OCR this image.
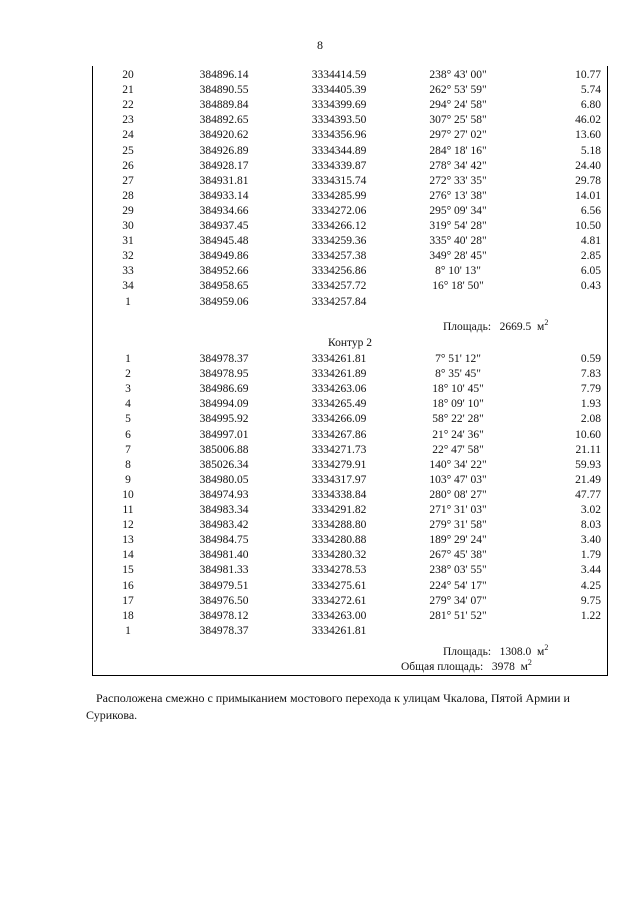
8
20	384896.14	3334414.59	238° 43' 00"	10.77
21	384890.55	3334405.39	262° 53' 59"	5.74
22	384889.84	3334399.69	294° 24' 58"	6.80
23	384892.65	3334393.50	307° 25' 58"	46.02
24	384920.62	3334356.96	297° 27' 02"	13.60
25	384926.89	3334344.89	284° 18' 16"	5.18
26	384928.17	3334339.87	278° 34' 42"	24.40
27	384931.81	3334315.74	272° 33' 35"	29.78
28	384933.14	3334285.99	276° 13' 38"	14.01
29	384934.66	3334272.06	295° 09' 34"	6.56
30	384937.45	3334266.12	319° 54' 28"	10.50
31	384945.48	3334259.36	335° 40' 28"	4.81
32	384949.86	3334257.38	349° 28' 45"	2.85
33	384952.66	3334256.86	8° 10' 13"	6.05
34	384958.65	3334257.72	16° 18' 50"	0.43
1	384959.06	3334257.84
Площадь: 2669.5 $м^2$
Контур 2
1	384978.37	3334261.81	7° 51' 12"	0.59
2	384978.95	3334261.89	8° 35' 45"	7.83
3	384986.69	3334263.06	18° 10' 45"	7.79
4	384994.09	3334265.49	18° 09' 10"	1.93
5	384995.92	3334266.09	58° 22' 28"	2.08
6	384997.01	3334267.86	21° 24' 36"	10.60
7	385006.88	3334271.73	22° 47' 58"	21.11
8	385026.34	3334279.91	140° 34' 22"	59.93
9	384980.05	3334317.97	103° 47' 03"	21.49
10	384974.93	3334338.84	280° 08' 27"	47.77
11	384983.34	3334291.82	271° 31' 03"	3.02
12	384983.42	3334288.80	279° 31' 58"	8.03
13	384984.75	3334280.88	189° 29' 24"	3.40
14	384981.40	3334280.32	267° 45' 38"	1.79
15	384981.33	3334278.53	238° 03' 55"	3.44
16	384979.51	3334275.61	224° 54' 17"	4.25
17	384976.50	3334272.61	279° 34' 07"	9.75
18	384978.12	3334263.00	281° 51' 52"	1.22
1	384978.37	3334261.81
Площадь: 1308.0 $м^2$
Общая площадь: 3978 $м^2$
Расположена смежно с примыканием мостового перехода к улицам Чкалова, Пятой Армии и Сурикова.
